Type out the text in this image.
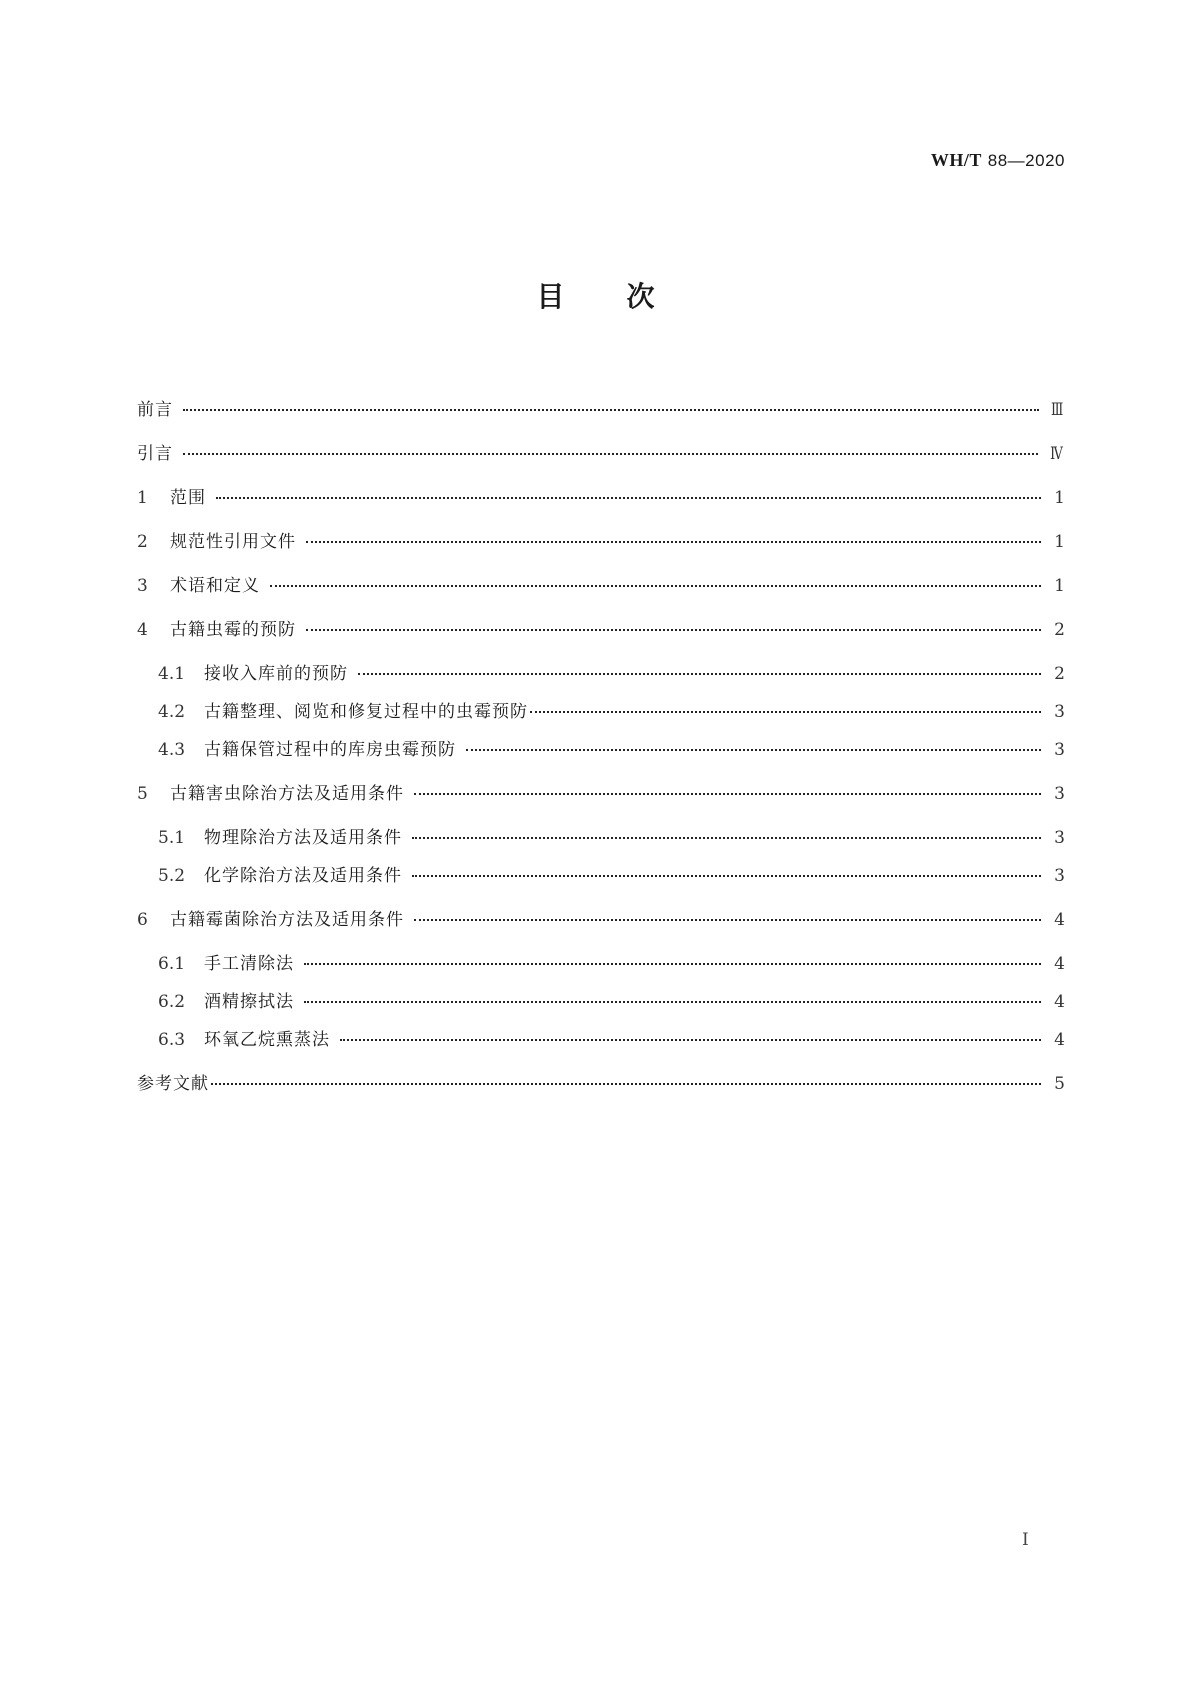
WH/T 88—2020
目次
前言	Ⅲ
引言	Ⅳ
1	范围	1
2	规范性引用文件	1
3	术语和定义	1
4	古籍虫霉的预防	2
4.1	接收入库前的预防	2
4.2	古籍整理、阅览和修复过程中的虫霉预防	3
4.3	古籍保管过程中的库房虫霉预防	3
5	古籍害虫除治方法及适用条件	3
5.1	物理除治方法及适用条件	3
5.2	化学除治方法及适用条件	3
6	古籍霉菌除治方法及适用条件	4
6.1	手工清除法	4
6.2	酒精擦拭法	4
6.3	环氧乙烷熏蒸法	4
参考文献	5
I
